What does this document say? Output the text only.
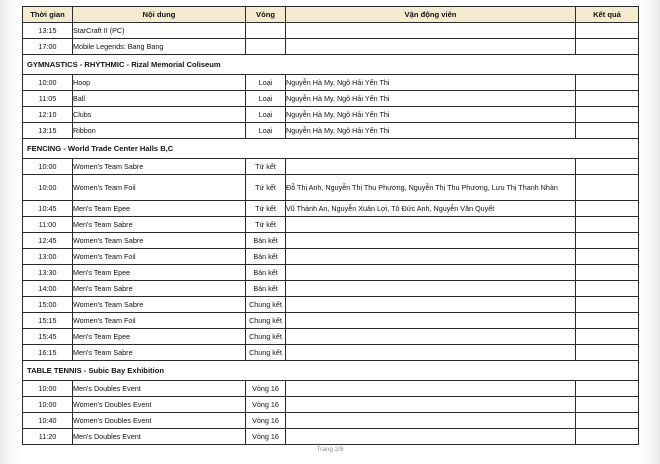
Thời gian	Nội dung	Vòng	Vận động viên	Kết quả
13:15	StarCraft II (PC)			
17:00	Mobile Legends: Bang Bang			
GYMNASTICS - RHYTHMIC - Rizal Memorial Coliseum				
10:00	Hoop	Loại	Nguyễn Hà My, Ngô Hải Yến Thi	
11:05	Ball	Loại	Nguyễn Hà My, Ngô Hải Yến Thi	
12:10	Clubs	Loại	Nguyễn Hà My, Ngô Hải Yến Thi	
13:15	Ribbon	Loại	Nguyễn Hà My, Ngô Hải Yến Thi	
FENCING - World Trade Center Halls B,C				
10:00	Women's Team Sabre	Tứ kết		
10:00	Women's Team Foil	Tứ kết	Đỗ Thị Anh, Nguyễn Thị Thu Phương, Nguyễn Thị Thu Phương, Lưu Thị Thanh Nhàn	
10:45	Men's Team Epee	Tứ kết	Vũ Thành An, Nguyễn Xuân Lợi, Tô Đức Anh, Nguyễn Văn Quyết	
11:00	Men's Team Sabre	Tứ kết		
12:45	Women's Team Sabre	Bán kết		
13:00	Women's Team Foil	Bán kết		
13:30	Men's Team Epee	Bán kết		
14:00	Men's Team Sabre	Bán kết		
15:00	Women's Team Sabre	Chung kết		
15:15	Women's Team Foil	Chung kết		
15:45	Men's Team Epee	Chung kết		
16:15	Men's Team Sabre	Chung kết		
TABLE TENNIS - Subic Bay Exhibition				
10:00	Men's Doubles Event	Vòng 16		
10:00	Women's Doubles Event	Vòng 16		
10:40	Women's Doubles Event	Vòng 16		
11:20	Men's Doubles Event	Vòng 16		
Trang 2/8
